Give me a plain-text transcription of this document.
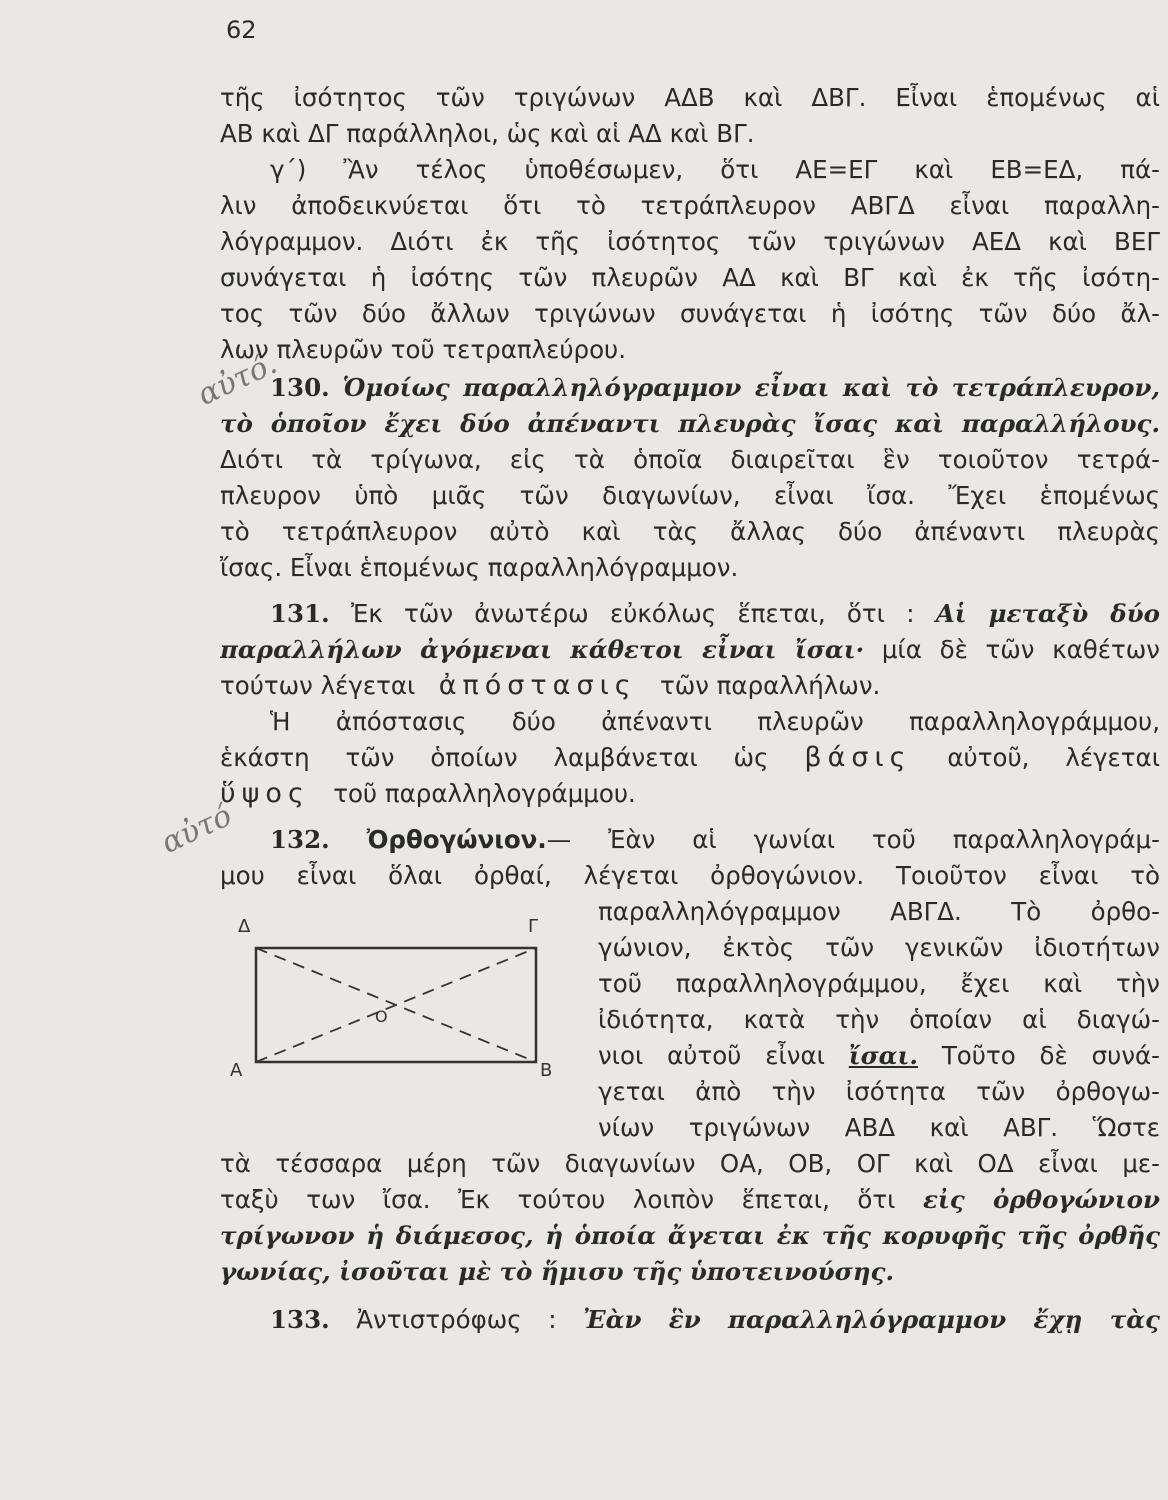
62
αὐτό.
αὐτό
τῆς ἰσότητος τῶν τριγώνων ΑΔΒ καὶ ΔΒΓ. Εἶναι ἑπομένως αἱ
ΑΒ καὶ ΔΓ παράλληλοι, ὡς καὶ αἱ ΑΔ καὶ ΒΓ.
γ΄) Ἂν τέλος ὑποθέσωμεν, ὅτι ΑΕ=ΕΓ καὶ ΕΒ=ΕΔ, πά-
λιν ἀποδεικνύεται ὅτι τὸ τετράπλευρον ΑΒΓΔ εἶναι παραλλη-
λόγραμμον. Διότι ἐκ τῆς ἰσότητος τῶν τριγώνων ΑΕΔ καὶ ΒΕΓ
συνάγεται ἡ ἰσότης τῶν πλευρῶν ΑΔ καὶ ΒΓ καὶ ἐκ τῆς ἰσότη-
τος τῶν δύο ἄλλων τριγώνων συνάγεται ἡ ἰσότης τῶν δύο ἄλ-
λων πλευρῶν τοῦ τετραπλεύρου.
130. Ὁμοίως παραλληλόγραμμον εἶναι καὶ τὸ τετράπλευρον,
τὸ ὁποῖον ἔχει δύο ἀπέναντι πλευρὰς ἴσας καὶ παραλλήλους.
Διότι τὰ τρίγωνα, εἰς τὰ ὁποῖα διαιρεῖται ἓν τοιοῦτον τετρά-
πλευρον ὑπὸ μιᾶς τῶν διαγωνίων, εἶναι ἴσα. Ἔχει ἑπομένως
τὸ τετράπλευρον αὐτὸ καὶ τὰς ἄλλας δύο ἀπέναντι πλευρὰς
ἴσας. Εἶναι ἑπομένως παραλληλόγραμμον.
131. Ἐκ τῶν ἀνωτέρω εὐκόλως ἕπεται, ὅτι : Αἱ μεταξὺ δύο
παραλλήλων ἀγόμεναι κάθετοι εἶναι ἴσαι· μία δὲ τῶν καθέτων
τούτων λέγεται ἀπόστασις τῶν παραλλήλων.
Ἡ ἀπόστασις δύο ἀπέναντι πλευρῶν παραλληλογράμμου,
ἑκάστη τῶν ὁποίων λαμβάνεται ὡς βάσις αὐτοῦ, λέγεται
ὕψος τοῦ παραλληλογράμμου.
132. Ὀρθογώνιον.— Ἐὰν αἱ γωνίαι τοῦ παραλληλογράμ-
μου εἶναι ὅλαι ὀρθαί, λέγεται ὀρθογώνιον. Τοιοῦτον εἶναι τὸ
παραλληλόγραμμον ΑΒΓΔ. Τὸ ὀρθο-
γώνιον, ἐκτὸς τῶν γενικῶν ἰδιοτήτων
τοῦ παραλληλογράμμου, ἔχει καὶ τὴν
ἰδιότητα, κατὰ τὴν ὁποίαν αἱ διαγώ-
νιοι αὐτοῦ εἶναι ἴσαι. Τοῦτο δὲ συνά-
γεται ἀπὸ τὴν ἰσότητα τῶν ὀρθογω-
νίων τριγώνων ΑΒΔ καὶ ΑΒΓ. Ὥστε
Δ	Γ
Α	Β
Ο
τὰ τέσσαρα μέρη τῶν διαγωνίων ΟΑ, ΟΒ, ΟΓ καὶ ΟΔ εἶναι με-
ταξὺ των ἴσα. Ἐκ τούτου λοιπὸν ἕπεται, ὅτι εἰς ὀρθογώνιον
τρίγωνον ἡ διάμεσος, ἡ ὁποία ἄγεται ἐκ τῆς κορυφῆς τῆς ὀρθῆς
γωνίας, ἰσοῦται μὲ τὸ ἥμισυ τῆς ὑποτεινούσης.
133. Ἀντιστρόφως : Ἐὰν ἓν παραλληλόγραμμον ἔχῃ τὰς
